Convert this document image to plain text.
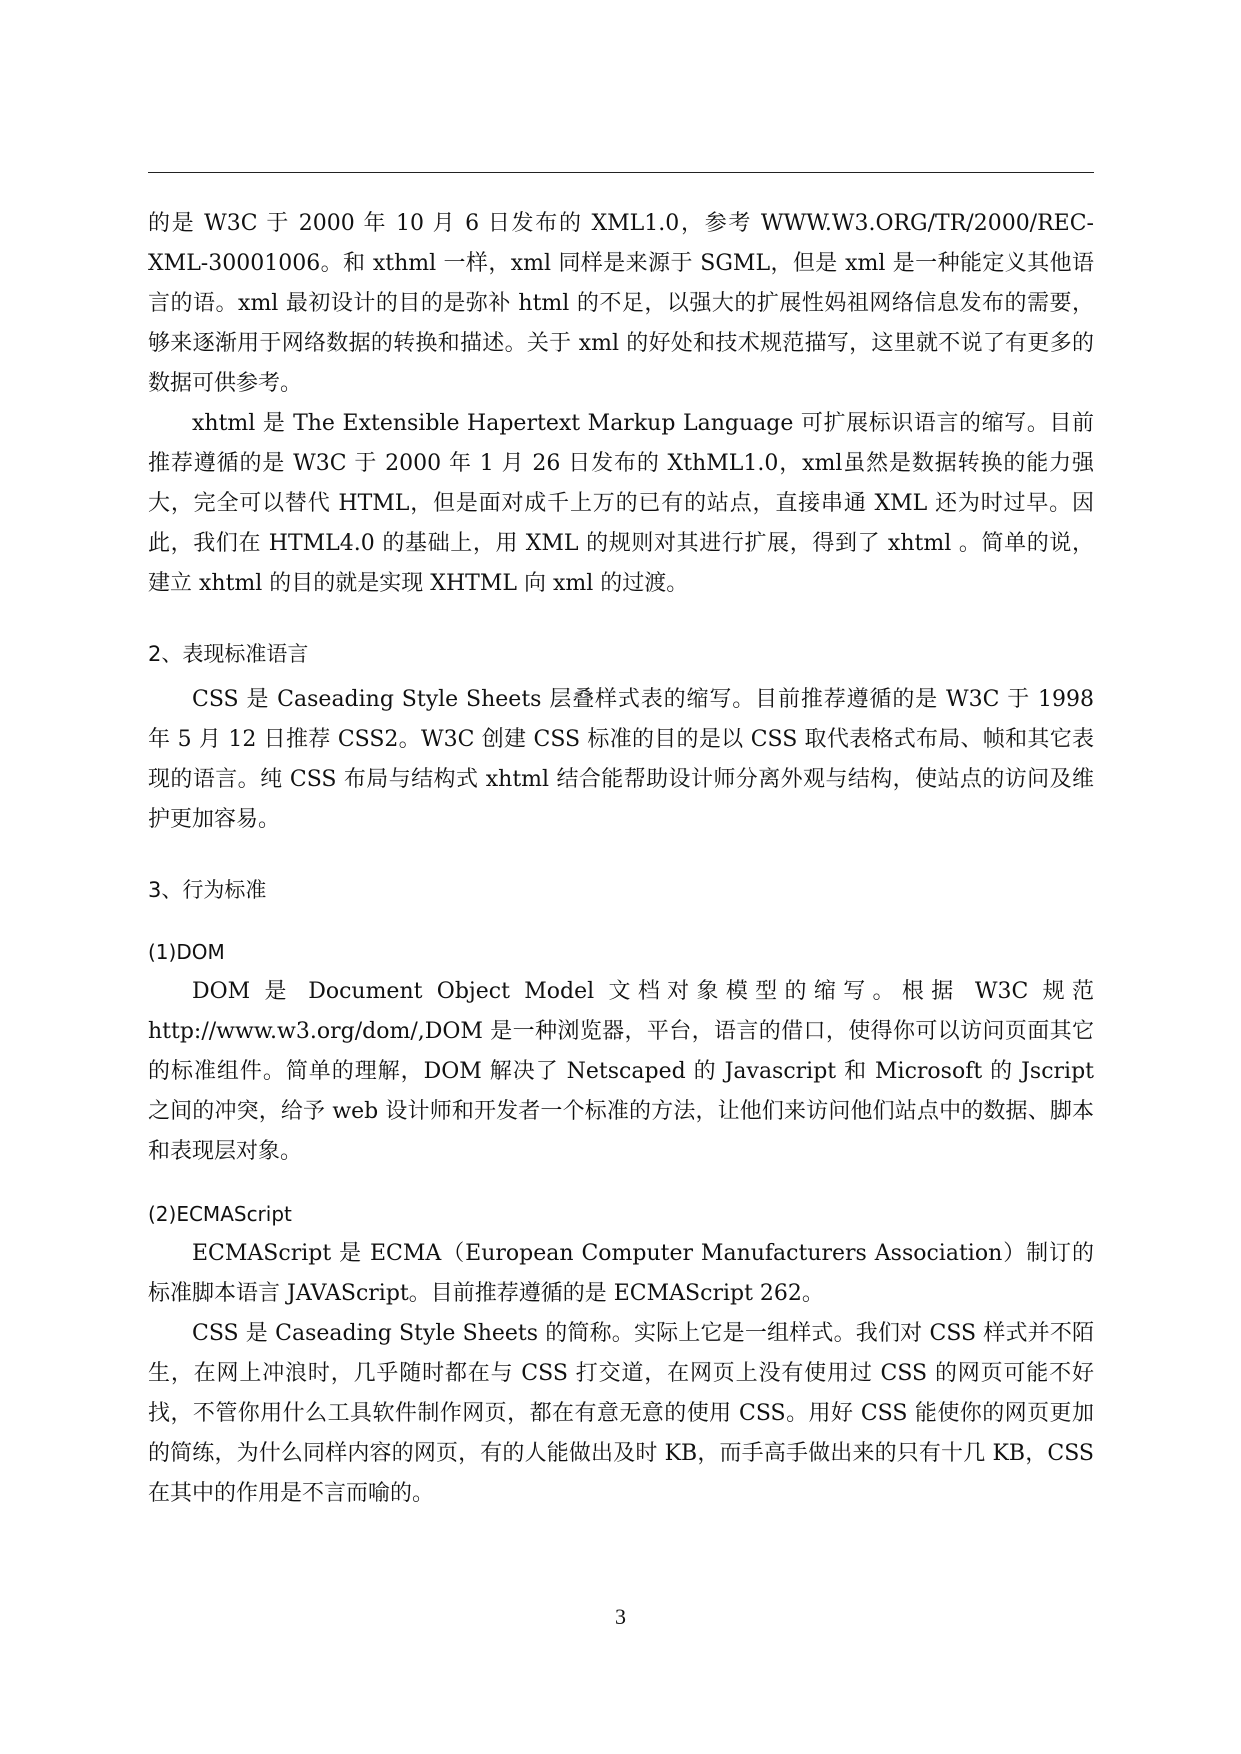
的是 W3C 于 2000 年 10 月 6 日发布的 XML1.0，参考 WWW.W3.ORG/TR/2000/REC-XML-30001006。和 xthml 一样，xml 同样是来源于 SGML，但是 xml 是一种能定义其他语言的语。xml 最初设计的目的是弥补 html 的不足，以强大的扩展性妈祖网络信息发布的需要，够来逐渐用于网络数据的转换和描述。关于 xml 的好处和技术规范描写，这里就不说了有更多的数据可供参考。

xhtml 是 The Extensible Hapertext Markup Language 可扩展标识语言的缩写。目前推荐遵循的是 W3C 于 2000 年 1 月 26 日发布的 XthML1.0，xml虽然是数据转换的能力强大，完全可以替代 HTML，但是面对成千上万的已有的站点，直接串通 XML 还为时过早。因此，我们在 HTML4.0 的基础上，用 XML 的规则对其进行扩展，得到了 xhtml 。简单的说，建立 xhtml 的目的就是实现 XHTML 向 xml 的过渡。

2、表现标准语言

CSS 是 Caseading Style Sheets 层叠样式表的缩写。目前推荐遵循的是 W3C 于 1998 年 5 月 12 日推荐 CSS2。W3C 创建 CSS 标准的目的是以 CSS 取代表格式布局、帧和其它表现的语言。纯 CSS 布局与结构式 xhtml 结合能帮助设计师分离外观与结构，使站点的访问及维护更加容易。

3、行为标准

(1)DOM

DOM 是 Document Object Model 文档对象模型的缩写。根据 W3C 规范 http://www.w3.org/dom/,DOM 是一种浏览器，平台，语言的借口，使得你可以访问页面其它的标准组件。简单的理解，DOM 解决了 Netscaped 的 Javascript 和 Microsoft 的 Jscript 之间的冲突，给予 web 设计师和开发者一个标准的方法，让他们来访问他们站点中的数据、脚本和表现层对象。

(2)ECMAScript

ECMAScript 是 ECMA（European Computer Manufacturers Association）制订的标准脚本语言 JAVAScript。目前推荐遵循的是 ECMAScript 262。

CSS 是 Caseading Style Sheets 的简称。实际上它是一组样式。我们对 CSS 样式并不陌生，在网上冲浪时，几乎随时都在与 CSS 打交道，在网页上没有使用过 CSS 的网页可能不好找，不管你用什么工具软件制作网页，都在有意无意的使用 CSS。用好 CSS 能使你的网页更加的简练，为什么同样内容的网页，有的人能做出及时 KB，而手高手做出来的只有十几 KB，CSS 在其中的作用是不言而喻的。

3
